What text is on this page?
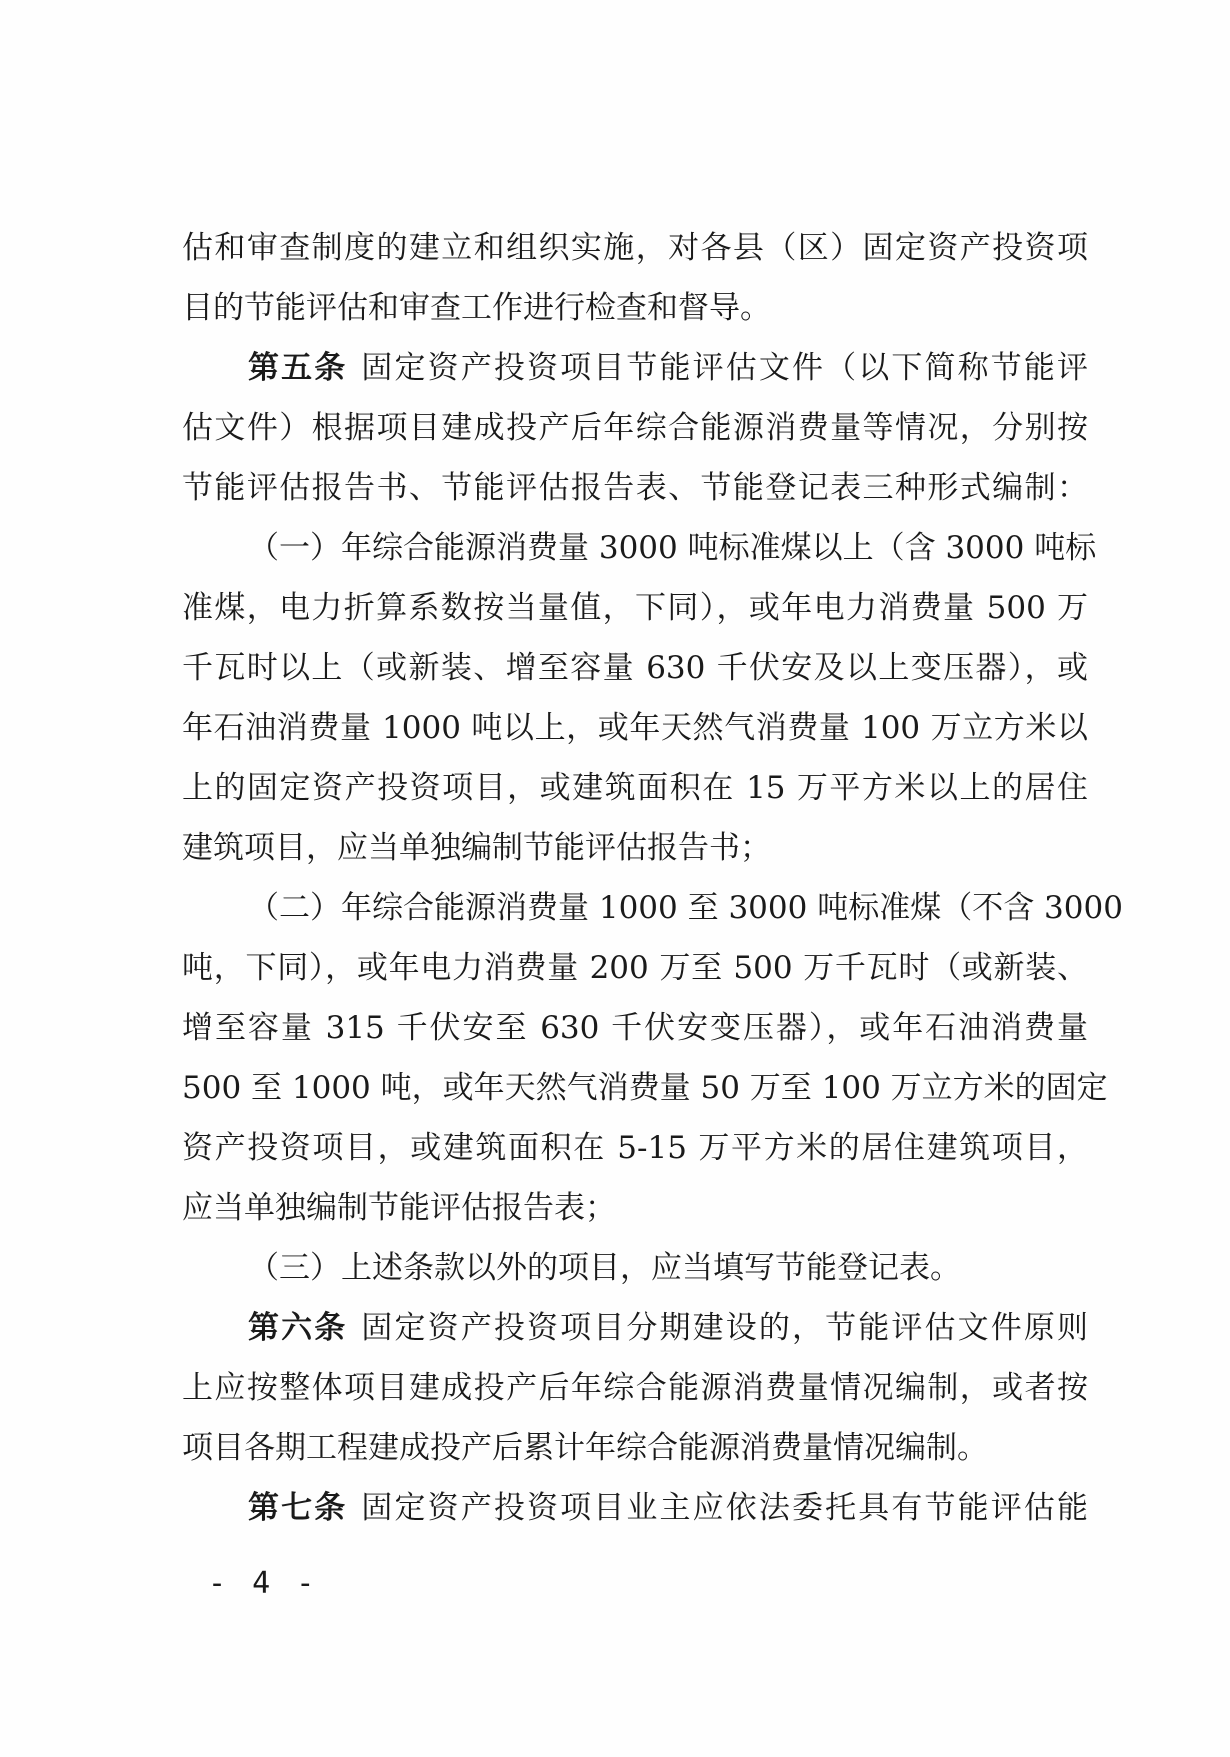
估和审查制度的建立和组织实施，对各县（区）固定资产投资项
目的节能评估和审查工作进行检查和督导。
第五条 固定资产投资项目节能评估文件（以下简称节能评
估文件）根据项目建成投产后年综合能源消费量等情况，分别按
节能评估报告书、节能评估报告表、节能登记表三种形式编制：
（一）年综合能源消费量 3000 吨标准煤以上（含 3000 吨标
准煤，电力折算系数按当量值，下同），或年电力消费量 500 万
千瓦时以上（或新装、增至容量 630 千伏安及以上变压器），或
年石油消费量 1000 吨以上，或年天然气消费量 100 万立方米以
上的固定资产投资项目，或建筑面积在 15 万平方米以上的居住
建筑项目，应当单独编制节能评估报告书；
（二）年综合能源消费量 1000 至 3000 吨标准煤（不含 3000
吨，下同），或年电力消费量 200 万至 500 万千瓦时（或新装、
增至容量 315 千伏安至 630 千伏安变压器），或年石油消费量
500 至 1000 吨，或年天然气消费量 50 万至 100 万立方米的固定
资产投资项目，或建筑面积在 5-15 万平方米的居住建筑项目，
应当单独编制节能评估报告表；
（三）上述条款以外的项目，应当填写节能登记表。
第六条 固定资产投资项目分期建设的，节能评估文件原则
上应按整体项目建成投产后年综合能源消费量情况编制，或者按
项目各期工程建成投产后累计年综合能源消费量情况编制。
第七条 固定资产投资项目业主应依法委托具有节能评估能
- 4 -
